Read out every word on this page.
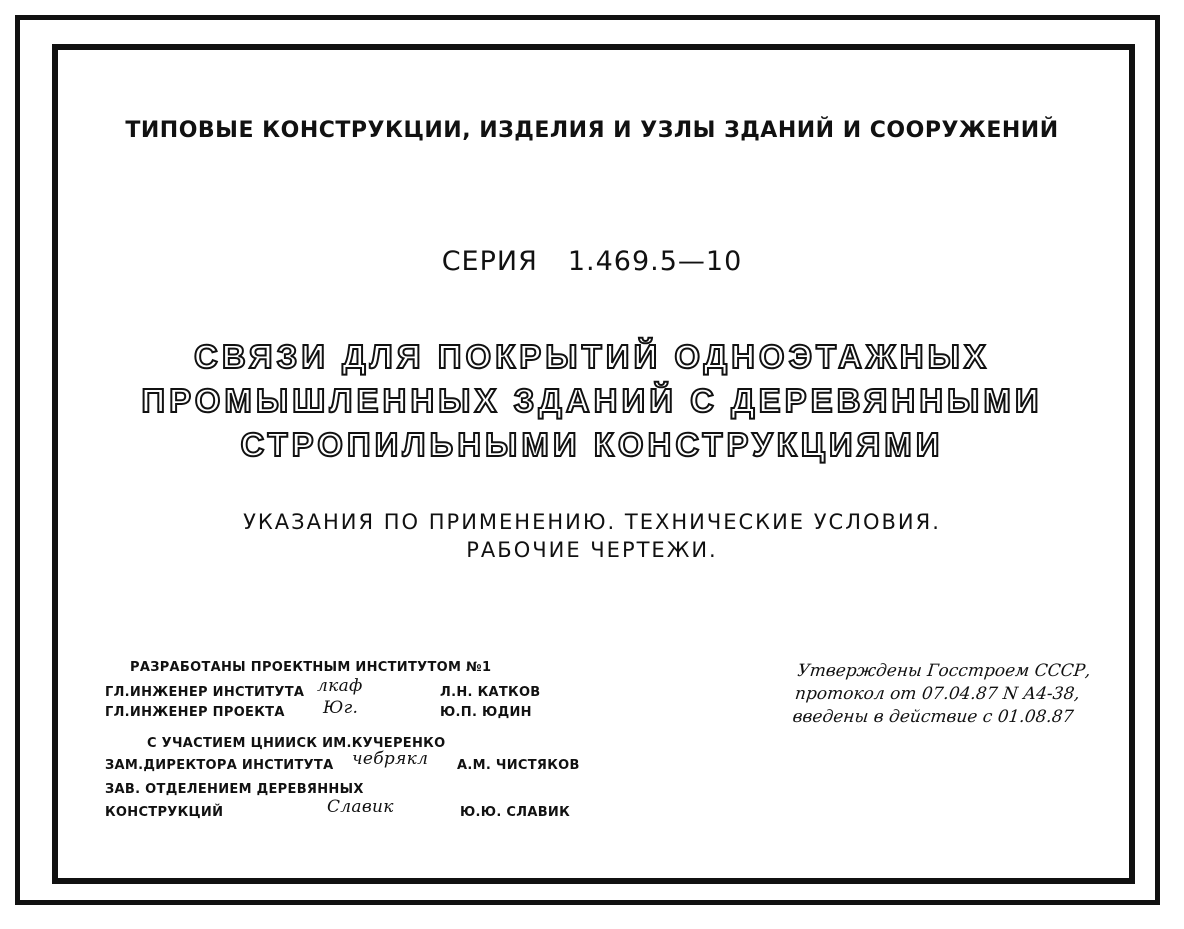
ТИПОВЫЕ КОНСТРУКЦИИ, ИЗДЕЛИЯ И УЗЛЫ ЗДАНИЙ И СООРУЖЕНИЙ
СЕРИЯ 1.469.5—10
СВЯЗИ ДЛЯ ПОКРЫТИЙ ОДНОЭТАЖНЫХ
ПРОМЫШЛЕННЫХ ЗДАНИЙ С ДЕРЕВЯННЫМИ
СТРОПИЛЬНЫМИ КОНСТРУКЦИЯМИ
УКАЗАНИЯ ПО ПРИМЕНЕНИЮ. ТЕХНИЧЕСКИЕ УСЛОВИЯ.
РАБОЧИЕ ЧЕРТЕЖИ.
РАЗРАБОТАНЫ ПРОЕКТНЫМ ИНСТИТУТОМ №1
ГЛ.ИНЖЕНЕР ИНСТИТУТА лкаф	Л.Н. КАТКОВ
ГЛ.ИНЖЕНЕР ПРОЕКТА Юг.	Ю.П. ЮДИН
С УЧАСТИЕМ ЦНИИСК ИМ.КУЧЕРЕНКО
ЗАМ.ДИРЕКТОРА ИНСТИТУТА чебрякл А.М. ЧИСТЯКОВ
ЗАВ. ОТДЕЛЕНИЕМ ДЕРЕВЯННЫХ
КОНСТРУКЦИЙ	Славик	Ю.Ю. СЛАВИК
Утверждены Госстроем СССР,
протокол от 07.04.87 N А4-38,
введены в действие с 01.08.87
